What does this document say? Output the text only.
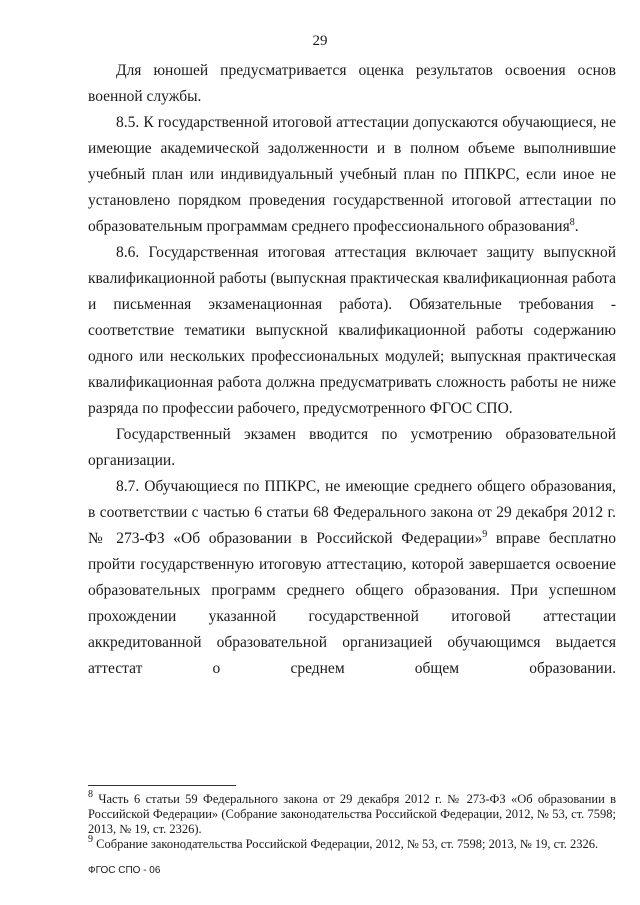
29

Для юношей предусматривается оценка результатов освоения основ военной службы.

8.5. К государственной итоговой аттестации допускаются обучающиеся, не имеющие академической задолженности и в полном объеме выполнившие учебный план или индивидуальный учебный план по ППКРС, если иное не установлено порядком проведения государственной итоговой аттестации по образовательным программам среднего профессионального образования$^8$.

8.6. Государственная итоговая аттестация включает защиту выпускной квалификационной работы (выпускная практическая квалификационная работа и письменная экзаменационная работа). Обязательные требования - соответствие тематики выпускной квалификационной работы содержанию одного или нескольких профессиональных модулей; выпускная практическая квалификационная работа должна предусматривать сложность работы не ниже разряда по профессии рабочего, предусмотренного ФГОС СПО.

Государственный экзамен вводится по усмотрению образовательной организации.

8.7. Обучающиеся по ППКРС, не имеющие среднего общего образования, в соответствии с частью 6 статьи 68 Федерального закона от 29 декабря 2012 г. № 273-ФЗ «Об образовании в Российской Федерации»$^9$ вправе бесплатно пройти государственную итоговую аттестацию, которой завершается освоение образовательных программ среднего общего образования. При успешном прохождении указанной государственной итоговой аттестации аккредитованной образовательной организацией обучающимся выдается аттестат о среднем общем образовании.

$^8$ Часть 6 статьи 59 Федерального закона от 29 декабря 2012 г. № 273-ФЗ «Об образовании в Российской Федерации» (Собрание законодательства Российской Федерации, 2012, № 53, ст. 7598; 2013, № 19, ст. 2326).

$^9$ Собрание законодательства Российской Федерации, 2012, № 53, ст. 7598; 2013, № 19, ст. 2326.

ФГОС СПО - 06
